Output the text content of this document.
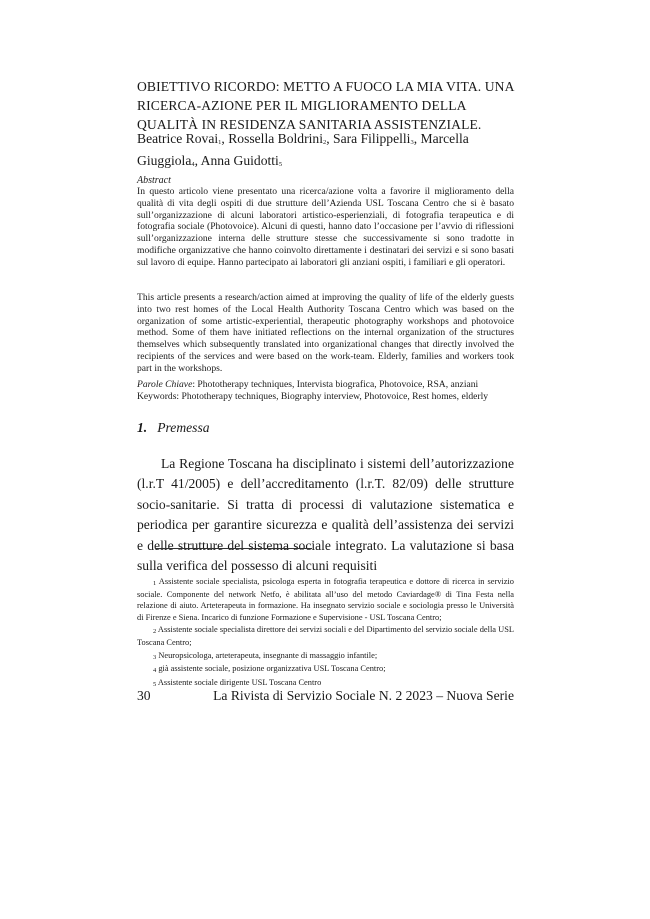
OBIETTIVO RICORDO: METTO A FUOCO LA MIA VITA. UNA RICERCA-AZIONE PER IL MIGLIORAMENTO DELLA QUALITÀ IN RESIDENZA SANITARIA ASSISTENZIALE.
Beatrice Rovai$^1$, Rossella Boldrini$^2$, Sara Filippelli$^3$, Marcella Giuggiola$^4$, Anna Guidotti$^5$
Abstract
In questo articolo viene presentato una ricerca/azione volta a favorire il miglioramento della qualità di vita degli ospiti di due strutture dell’Azienda USL Toscana Centro che si è basato sull’organizzazione di alcuni laboratori artistico-esperienziali, di fotografia terapeutica e di fotografia sociale (Photovoice). Alcuni di questi, hanno dato l’occasione per l’avvio di riflessioni sull’organizzazione interna delle strutture stesse che successivamente si sono tradotte in modifiche organizzative che hanno coinvolto direttamente i destinatari dei servizi e si sono basati sul lavoro di equipe. Hanno partecipato ai laboratori gli anziani ospiti, i familiari e gli operatori.
This article presents a research/action aimed at improving the quality of life of the elderly guests into two rest homes of the Local Health Authority Toscana Centro which was based on the organization of some artistic-experiential, therapeutic photography workshops and photovoice method. Some of them have initiated reflections on the internal organization of the structures themselves which subsequently translated into organizational changes that directly involved the recipients of the services and were based on the work-team. Elderly, families and workers took part in the workshops.
Parole Chiave: Phototherapy techniques, Intervista biografica, Photovoice, RSA, anziani
Keywords: Phototherapy techniques, Biography interview, Photovoice, Rest homes, elderly
1. Premessa

La Regione Toscana ha disciplinato i sistemi dell’autorizzazione (l.r.T 41/2005) e dell’accreditamento (l.r.T. 82/09) delle strutture socio-sanitarie. Si tratta di processi di valutazione sistematica e periodica per garantire sicurezza e qualità dell’assistenza dei servizi e delle strutture del sistema sociale integrato. La valutazione si basa sulla verifica del possesso di alcuni requisiti

$^1$ Assistente sociale specialista, psicologa esperta in fotografia terapeutica e dottore di ricerca in servizio sociale. Componente del network Netfo, è abilitata all’uso del metodo Caviardage® di Tina Festa nella relazione di aiuto. Arteterapeuta in formazione. Ha insegnato servizio sociale e sociologia presso le Università di Firenze e Siena. Incarico di funzione Formazione e Supervisione - USL Toscana Centro;

$^2$ Assistente sociale specialista direttore dei servizi sociali e del Dipartimento del servizio sociale della USL Toscana Centro;

$^3$ Neuropsicologa, arteterapeuta, insegnante di massaggio infantile;

$^4$ già assistente sociale, posizione organizzativa USL Toscana Centro;

$^5$ Assistente sociale dirigente USL Toscana Centro

30	La Rivista di Servizio Sociale N. 2 2023 – Nuova Serie
